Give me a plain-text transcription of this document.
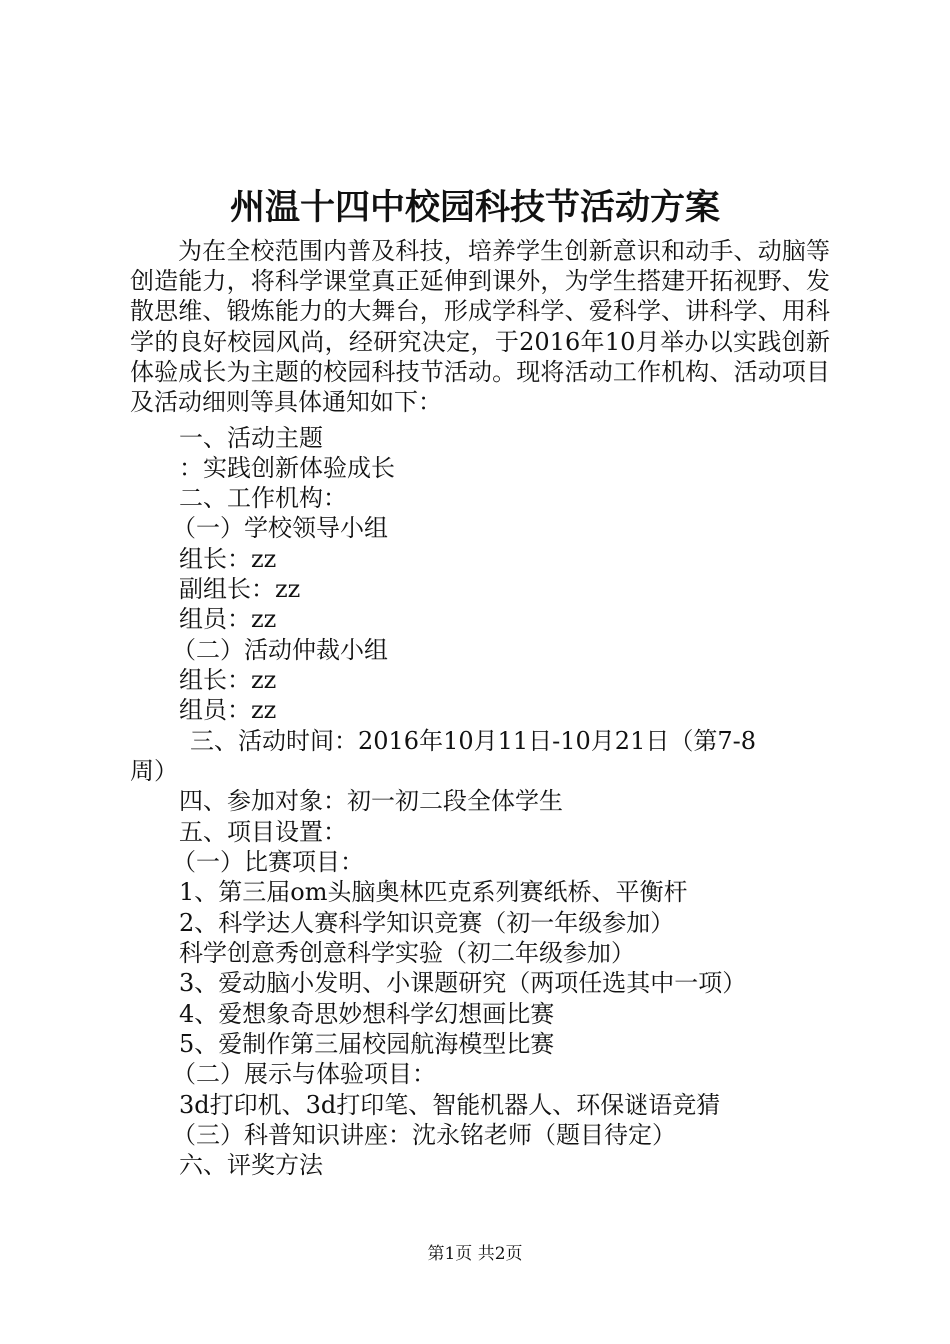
州温十四中校园科技节活动方案

为在全校范围内普及科技，培养学生创新意识和动手、动脑等创造能力，将科学课堂真正延伸到课外，为学生搭建开拓视野、发散思维、锻炼能力的大舞台，形成学科学、爱科学、讲科学、用科学的良好校园风尚，经研究决定，于2016年10月举办以实践创新体验成长为主题的校园科技节活动。现将活动工作机构、活动项目及活动细则等具体通知如下：

一、活动主题
：实践创新体验成长
二、工作机构：
（一）学校领导小组
组长：zz
副组长：zz
组员：zz
（二）活动仲裁小组
组长：zz
组员：zz
三、活动时间：2016年10月11日-10月21日（第7-8
周）
四、参加对象：初一初二段全体学生
五、项目设置：
（一）比赛项目：
1、第三届om头脑奥林匹克系列赛纸桥、平衡杆
2、科学达人赛科学知识竞赛（初一年级参加）
科学创意秀创意科学实验（初二年级参加）
3、爱动脑小发明、小课题研究（两项任选其中一项）
4、爱想象奇思妙想科学幻想画比赛
5、爱制作第三届校园航海模型比赛
（二）展示与体验项目：
3d打印机、3d打印笔、智能机器人、环保谜语竞猜
（三）科普知识讲座：沈永铭老师（题目待定）
六、评奖方法
第1页 共2页
